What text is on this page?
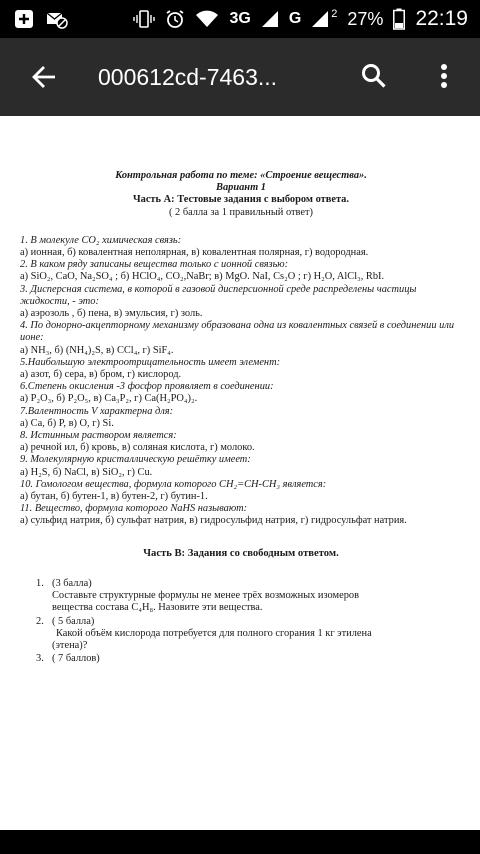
3G G	2 27% 22:19
000612cd-7463...
Контрольная работа по теме: «Строение вещества».
Вариант 1
Часть А: Тестовые задания с выбором ответа.
( 2 балла за 1 правильный ответ)
1. В молекуле CO₂ химическая связь:
а) ионная, б) ковалентная неполярная, в) ковалентная полярная, г) водородная.
2. В каком ряду записаны вещества только с ионной связью:
а) SiO₂, CaO, Na₂SO₄ ; б) HClO₄, CO₂,NaBr; в) MgO. NaI, Cs₂O ; г) H₂O, AlCl₃, RbI.
3. Дисперсная система, в которой в газовой дисперсионной среде распределены частицы жидкости, - это:
а) аэрозоль , б) пена, в) эмульсия, г) золь.
4. По донорно-акцепторному механизму образована одна из ковалентных связей в соединении или ионе:
а) NH₃, б) (NH₄)₂S, в) CCl₄, г) SiF₄.
5.Наибольшую электроотрицательность имеет элемент:
а) азот, б) сера, в) бром, г) кислород.
6.Степень окисления -3 фосфор проявляет в соединении:
а) P₂O₃, б) P₂O₅, в) Ca₃P₂, г) Ca(H₂PO₄)₂.
7.Валентность V характерна для:
а) Ca, б) P, в) O, г) Si.
8. Истинным раствором является:
а) речной ил, б) кровь, в) соляная кислота, г) молоко.
9. Молекулярную кристаллическую решётку имеет:
а) H₂S, б) NaCl, в) SiO₂, г) Cu.
10. Гомологом вещества, формула которого CH₂=CH-CH₃ является:
а) бутан, б) бутен-1, в) бутен-2, г) бутин-1.
11. Вещество, формула которого NaHS называют:
а) сульфид натрия, б) сульфат натрия, в) гидросульфид натрия, г) гидросульфат натрия.
Часть В: Задания со свободным ответом.
1. (3 балла)
Составьте структурные формулы не менее трёх возможных изомеров
вещества состава C₄H₈. Назовите эти вещества.
2. ( 5 балла)
Какой объём кислорода потребуется для полного сгорания 1 кг этилена
(этена)?
3. ( 7 баллов)
